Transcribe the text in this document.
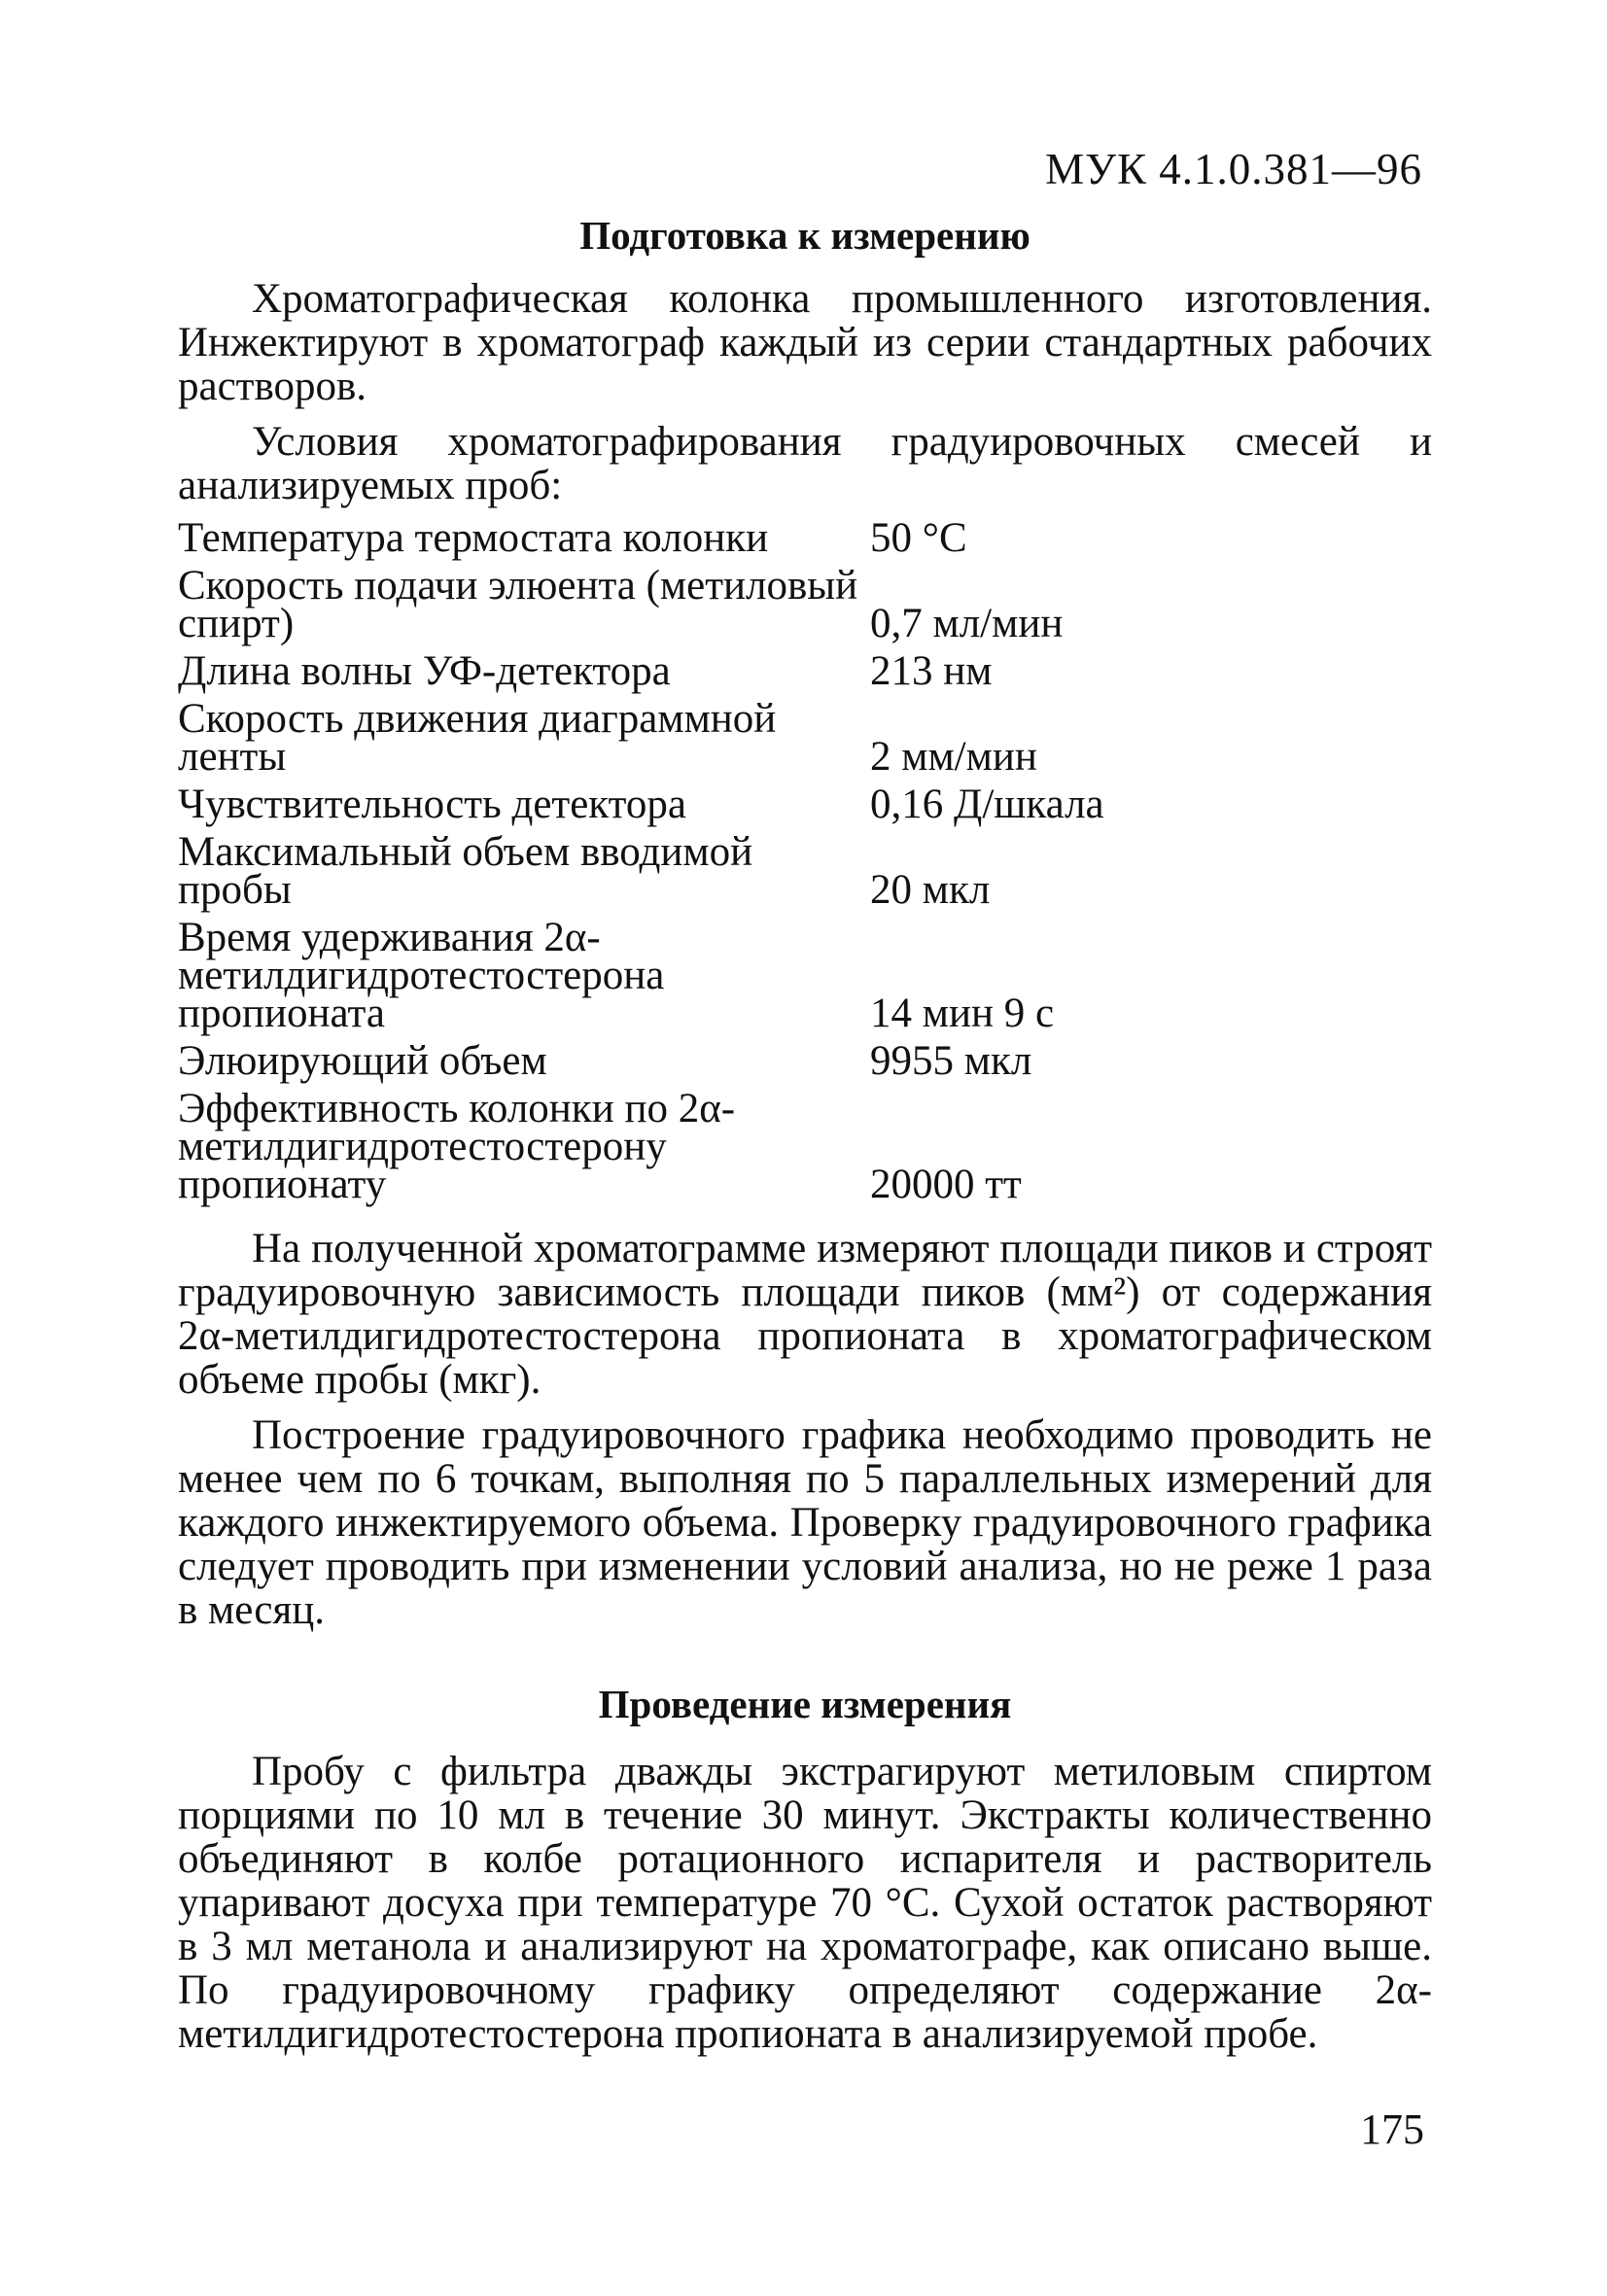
МУК 4.1.0.381—96
Подготовка к измерению

Хроматографическая колонка промышленного изготовления. Инжектируют в хроматограф каждый из серии стандартных рабочих растворов.

Условия хроматографирования градуировочных смесей и анализируемых проб:

Температура термостата колонки	50 °С
Скорость подачи элюента (метиловый спирт)	0,7 мл/мин
Длина волны УФ-детектора	213 нм
Скорость движения диаграммной ленты	2 мм/мин
Чувствительность детектора	0,16 Д/шкала
Максимальный объем вводимой пробы	20 мкл
Время удерживания 2α-метилдигидротестостерона пропионата	14 мин 9 с
Элюирующий объем	9955 мкл
Эффективность колонки по 2α-метилдигидротестостерону пропионату	20000 тт

На полученной хроматограмме измеряют площади пиков и строят градуировочную зависимость площади пиков (мм²) от содержания 2α-метилдигидротестостерона пропионата в хроматографическом объеме пробы (мкг).

Построение градуировочного графика необходимо проводить не менее чем по 6 точкам, выполняя по 5 параллельных измерений для каждого инжектируемого объема. Проверку градуировочного графика следует проводить при изменении условий анализа, но не реже 1 раза в месяц.

Проведение измерения

Пробу с фильтра дважды экстрагируют метиловым спиртом порциями по 10 мл в течение 30 минут. Экстракты количественно объединяют в колбе ротационного испарителя и растворитель упаривают досуха при температуре 70 °С. Сухой остаток растворяют в 3 мл метанола и анализируют на хроматографе, как описано выше. По градуировочному графику определяют содержание 2α-метилдигидротестостерона пропионата в анализируемой пробе.

175
